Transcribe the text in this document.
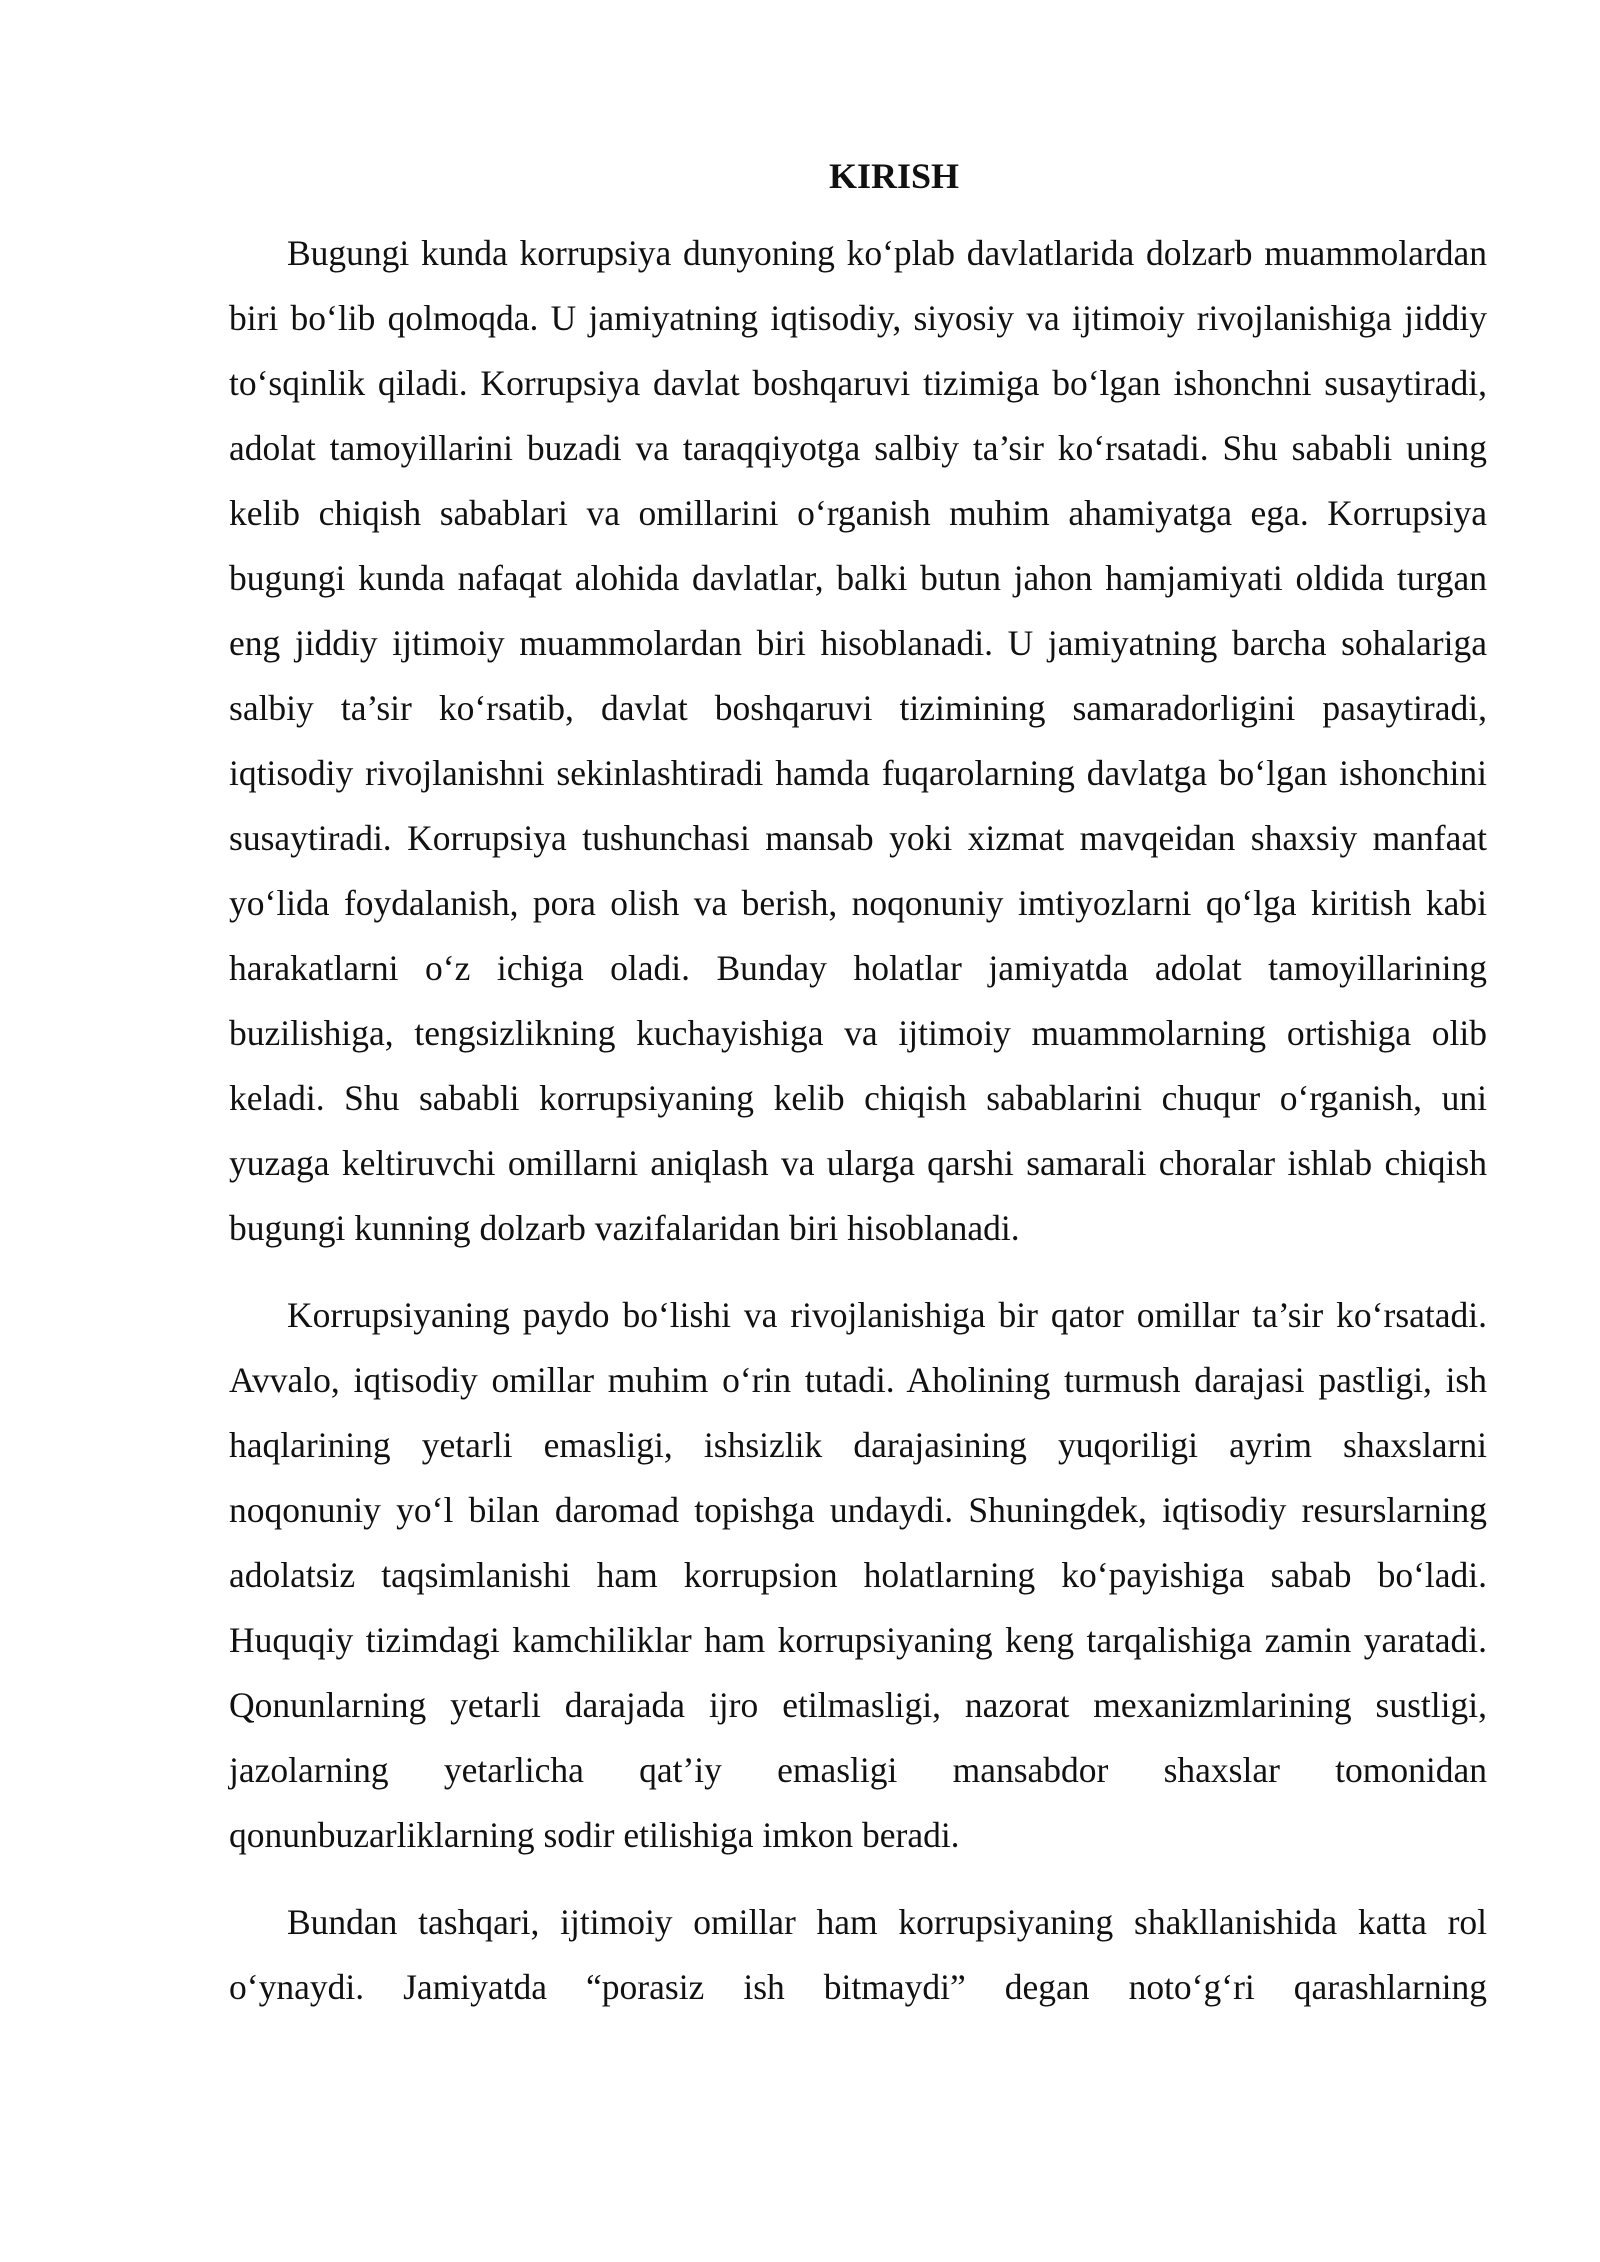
KIRISH

Bugungi kunda korrupsiya dunyoning ko‘plab davlatlarida dolzarb muammolardan biri bo‘lib qolmoqda. U jamiyatning iqtisodiy, siyosiy va ijtimoiy rivojlanishiga jiddiy to‘sqinlik qiladi. Korrupsiya davlat boshqaruvi tizimiga bo‘lgan ishonchni susaytiradi, adolat tamoyillarini buzadi va taraqqiyotga salbiy ta’sir ko‘rsatadi. Shu sababli uning kelib chiqish sabablari va omillarini o‘rganish muhim ahamiyatga ega. Korrupsiya bugungi kunda nafaqat alohida davlatlar, balki butun jahon hamjamiyati oldida turgan eng jiddiy ijtimoiy muammolardan biri hisoblanadi. U jamiyatning barcha sohalariga salbiy ta’sir ko‘rsatib, davlat boshqaruvi tizimining samaradorligini pasaytiradi, iqtisodiy rivojlanishni sekinlashtiradi hamda fuqarolarning davlatga bo‘lgan ishonchini susaytiradi. Korrupsiya tushunchasi mansab yoki xizmat mavqeidan shaxsiy manfaat yo‘lida foydalanish, pora olish va berish, noqonuniy imtiyozlarni qo‘lga kiritish kabi harakatlarni o‘z ichiga oladi. Bunday holatlar jamiyatda adolat tamoyillarining buzilishiga, tengsizlikning kuchayishiga va ijtimoiy muammolarning ortishiga olib keladi. Shu sababli korrupsiyaning kelib chiqish sabablarini chuqur o‘rganish, uni yuzaga keltiruvchi omillarni aniqlash va ularga qarshi samarali choralar ishlab chiqish bugungi kunning dolzarb vazifalaridan biri hisoblanadi.

Korrupsiyaning paydo bo‘lishi va rivojlanishiga bir qator omillar ta’sir ko‘rsatadi. Avvalo, iqtisodiy omillar muhim o‘rin tutadi. Aholining turmush darajasi pastligi, ish haqlarining yetarli emasligi, ishsizlik darajasining yuqoriligi ayrim shaxslarni noqonuniy yo‘l bilan daromad topishga undaydi. Shuningdek, iqtisodiy resurslarning adolatsiz taqsimlanishi ham korrupsion holatlarning ko‘payishiga sabab bo‘ladi. Huquqiy tizimdagi kamchiliklar ham korrupsiyaning keng tarqalishiga zamin yaratadi. Qonunlarning yetarli darajada ijro etilmasligi, nazorat mexanizmlarining sustligi, jazolarning yetarlicha qat’iy emasligi mansabdor shaxslar tomonidan qonunbuzarliklarning sodir etilishiga imkon beradi.

Bundan tashqari, ijtimoiy omillar ham korrupsiyaning shakllanishida katta rol o‘ynaydi. Jamiyatda “porasiz ish bitmaydi” degan noto‘g‘ri qarashlarning
